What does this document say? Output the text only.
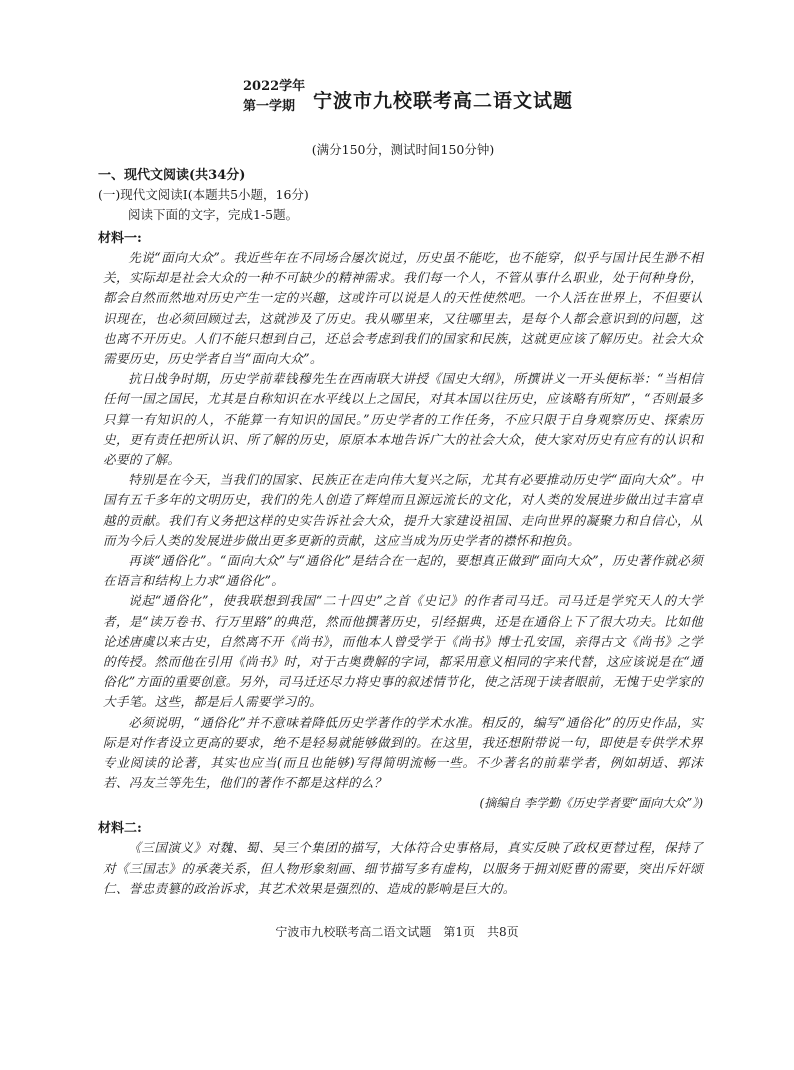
2022学年
第一学期 宁波市九校联考高二语文试题
(满分150分，测试时间150分钟)
一、现代文阅读(共34分)
(一)现代文阅读Ⅰ(本题共5小题，16分)
阅读下面的文字，完成1-5题。
材料一:

先说“面向大众”。我近些年在不同场合屡次说过，历史虽不能吃，也不能穿，似乎与国计民生渺不相关，实际却是社会大众的一种不可缺少的精神需求。我们每一个人，不管从事什么职业，处于何种身份，都会自然而然地对历史产生一定的兴趣，这或许可以说是人的天性使然吧。一个人活在世界上，不但要认识现在，也必须回顾过去，这就涉及了历史。我从哪里来，又往哪里去，是每个人都会意识到的问题，这也离不开历史。人们不能只想到自己，还总会考虑到我们的国家和民族，这就更应该了解历史。社会大众需要历史，历史学者自当“面向大众”。

抗日战争时期，历史学前辈钱穆先生在西南联大讲授《国史大纲》，所撰讲义一开头便标举：“当相信任何一国之国民，尤其是自称知识在水平线以上之国民，对其本国以往历史，应该略有所知”，“否则最多只算一有知识的人，不能算一有知识的国民。”历史学者的工作任务，不应只限于自身观察历史、探索历史，更有责任把所认识、所了解的历史，原原本本地告诉广大的社会大众，使大家对历史有应有的认识和必要的了解。

特别是在今天，当我们的国家、民族正在走向伟大复兴之际，尤其有必要推动历史学“面向大众”。中国有五千多年的文明历史，我们的先人创造了辉煌而且源远流长的文化，对人类的发展进步做出过丰富卓越的贡献。我们有义务把这样的史实告诉社会大众，提升大家建设祖国、走向世界的凝聚力和自信心，从而为今后人类的发展进步做出更多更新的贡献，这应当成为历史学者的襟怀和抱负。

再谈“通俗化”。“面向大众”与“通俗化”是结合在一起的，要想真正做到“面向大众”，历史著作就必须在语言和结构上力求“通俗化”。

说起“通俗化”，使我联想到我国“二十四史”之首《史记》的作者司马迁。司马迁是学究天人的大学者，是“读万卷书、行万里路”的典范，然而他撰著历史，引经据典，还是在通俗上下了很大功夫。比如他论述唐虞以来古史，自然离不开《尚书》，而他本人曾受学于《尚书》博士孔安国，亲得古文《尚书》之学的传授。然而他在引用《尚书》时，对于古奥费解的字词，都采用意义相同的字来代替，这应该说是在“通俗化”方面的重要创意。另外，司马迁还尽力将史事的叙述情节化，使之活现于读者眼前，无愧于史学家的大手笔。这些，都是后人需要学习的。

必须说明，“通俗化”并不意味着降低历史学著作的学术水准。相反的，编写“通俗化”的历史作品，实际是对作者设立更高的要求，绝不是轻易就能够做到的。在这里，我还想附带说一句，即使是专供学术界专业阅读的论著，其实也应当(而且也能够)写得简明流畅一些。不少著名的前辈学者，例如胡适、郭沫若、冯友兰等先生，他们的著作不都是这样的么？

(摘编自 李学勤《历史学者要“面向大众”》)
材料二:

《三国演义》对魏、蜀、吴三个集团的描写，大体符合史事格局，真实反映了政权更替过程，保持了对《三国志》的承袭关系，但人物形象刻画、细节描写多有虚构，以服务于拥刘贬曹的需要，突出斥奸颂仁、誉忠责篡的政治诉求，其艺术效果是强烈的、造成的影响是巨大的。

宁波市九校联考高二语文试题　第1页　共8页
